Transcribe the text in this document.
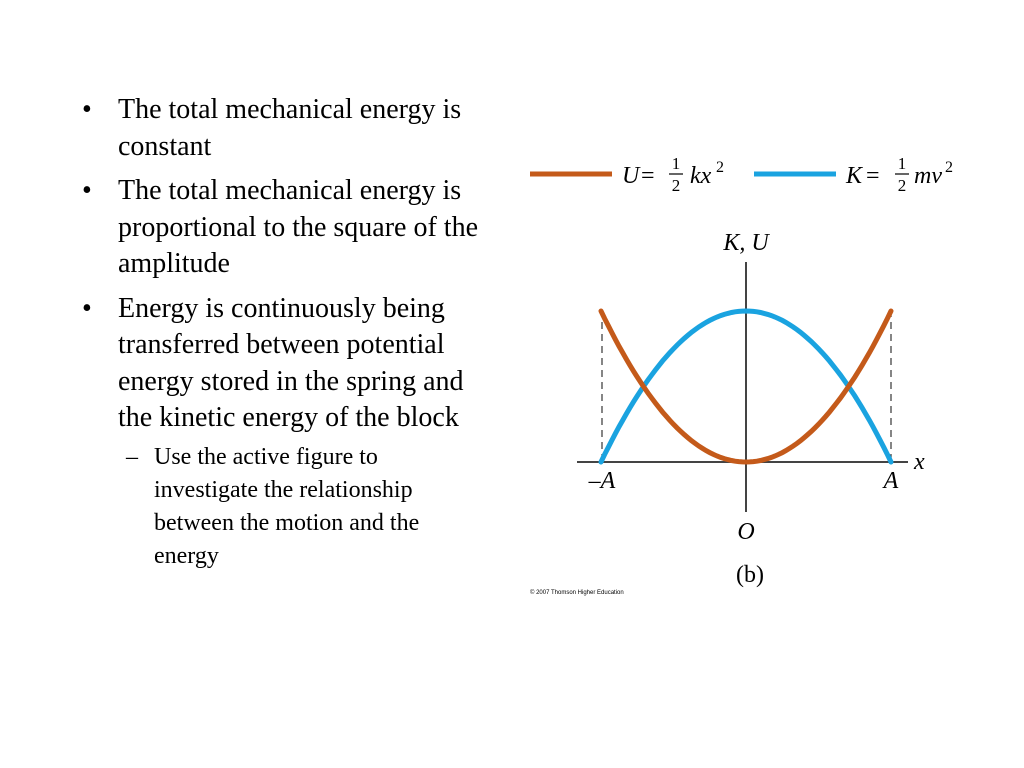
• The total mechanical energy is constant
• The total mechanical energy is proportional to the square of the amplitude
• Energy is continuously being transferred between potential energy stored in the spring and the kinetic energy of the block
– Use the active figure to investigate the relationship between the motion and the energy
U = 1
2 kx 2	K = 1
2 mv 2
K, U
x
–A	A
O
(b)
© 2007 Thomson Higher Education
